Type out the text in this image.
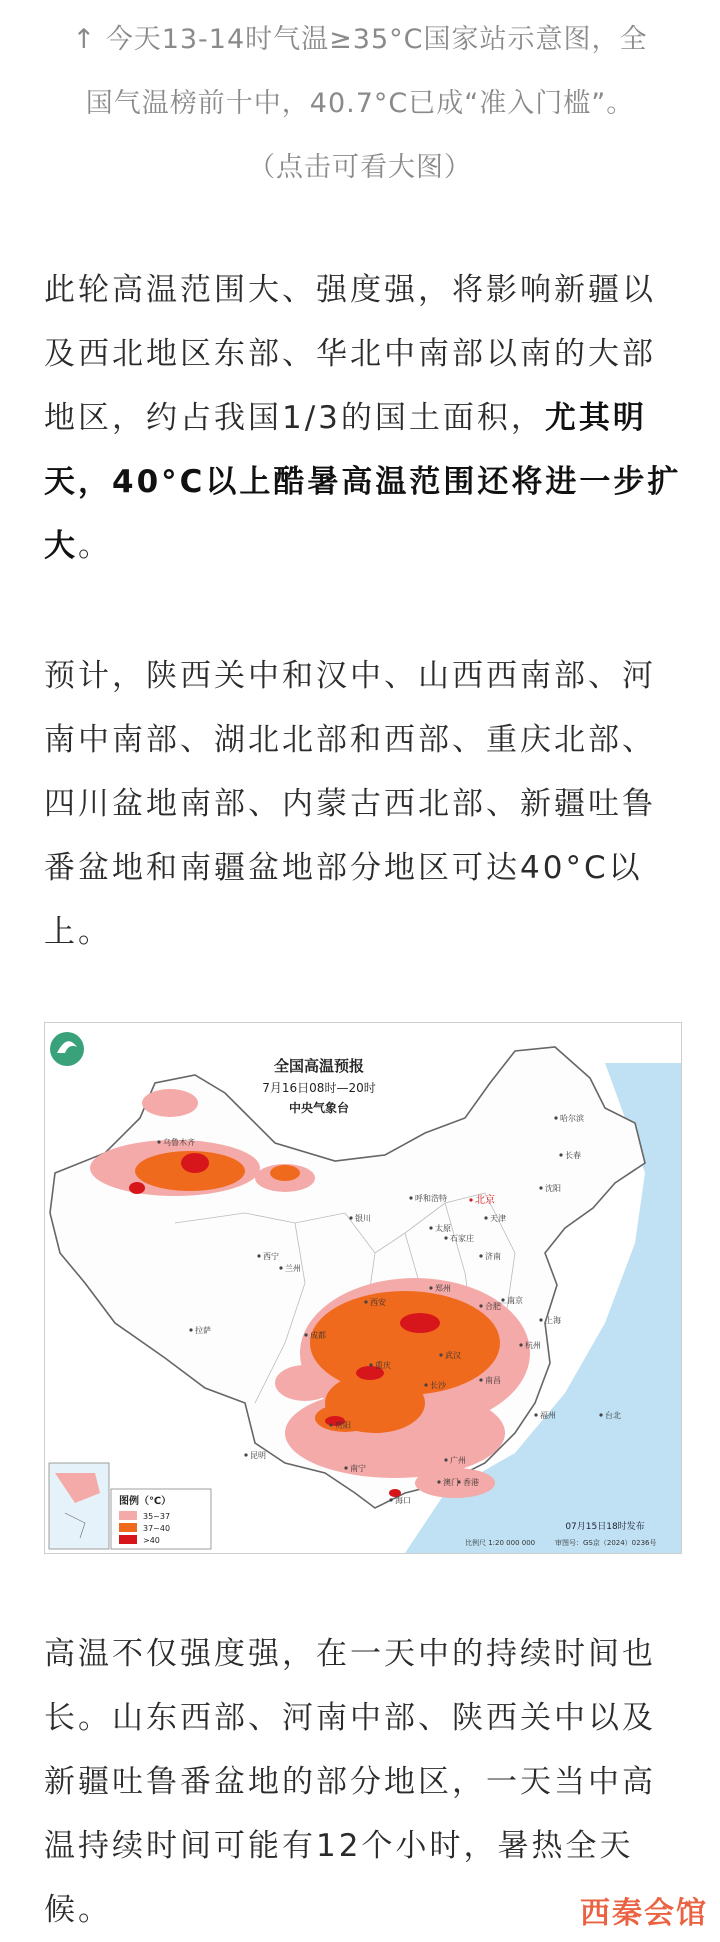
↑ 今天13-14时气温≥35°C国家站示意图，全
国气温榜前十中，40.7°C已成“准入门槛”。
（点击可看大图）
此轮高温范围大、强度强，将影响新疆以
及西北地区东部、华北中南部以南的大部
地区，约占我国1/3的国土面积，尤其明
天，40°C以上酷暑高温范围还将进一步扩
大。
预计，陕西关中和汉中、山西西南部、河
南中南部、湖北北部和西部、重庆北部、
四川盆地南部、内蒙古西北部、新疆吐鲁
番盆地和南疆盆地部分地区可达40°C以
上。
全国高温预报
7月16日08时—20时
中央气象台
乌鲁木齐
哈尔滨
长春
沈阳
北京
天津
呼和浩特
银川
太原
石家庄
济南
西宁
兰州
郑州
西安	合肥
南京
上海
拉萨
成都
武汉
杭州
重庆
长沙
南昌
贵阳
福州	台北
昆明
南宁
广州
香港
澳门
海口
图例（℃）
35~37
37~40
>40
07月15日18时发布
比例尺 1:20 000 000	审图号：GS京（2024）0236号
高温不仅强度强，在一天中的持续时间也
长。山东西部、河南中部、陕西关中以及
新疆吐鲁番盆地的部分地区，一天当中高
温持续时间可能有12个小时，暑热全天
候。	西秦会馆
